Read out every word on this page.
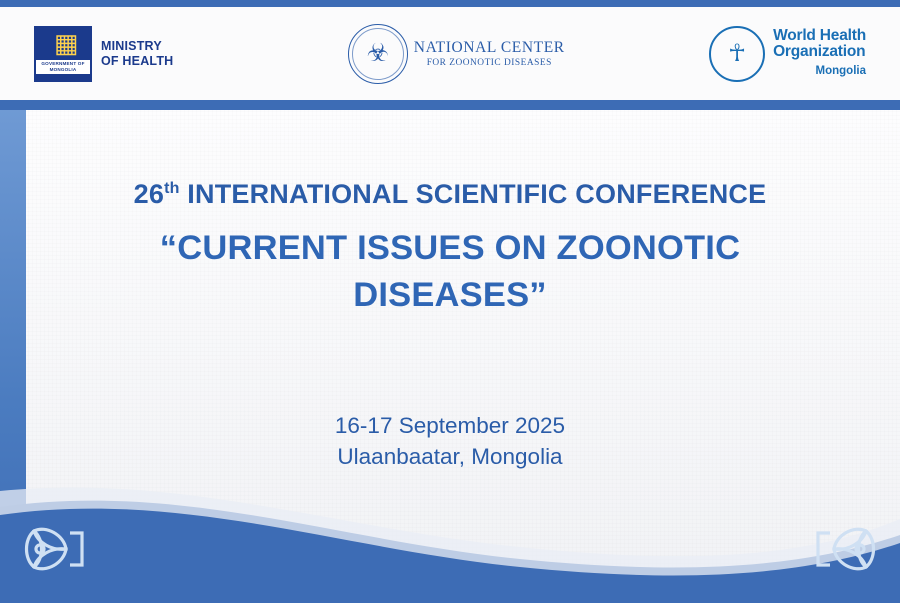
▦
GOVERNMENT OF MONGOLIA
MINISTRY
OF HEALTH	☣ NATIONAL CENTER
FOR ZOONOTIC DISEASES	☥
World Health
Organization
Mongolia
26th INTERNATIONAL SCIENTIFIC CONFERENCE
“CURRENT ISSUES ON ZOONOTIC DISEASES”
16-17 September 2025
Ulaanbaatar, Mongolia
